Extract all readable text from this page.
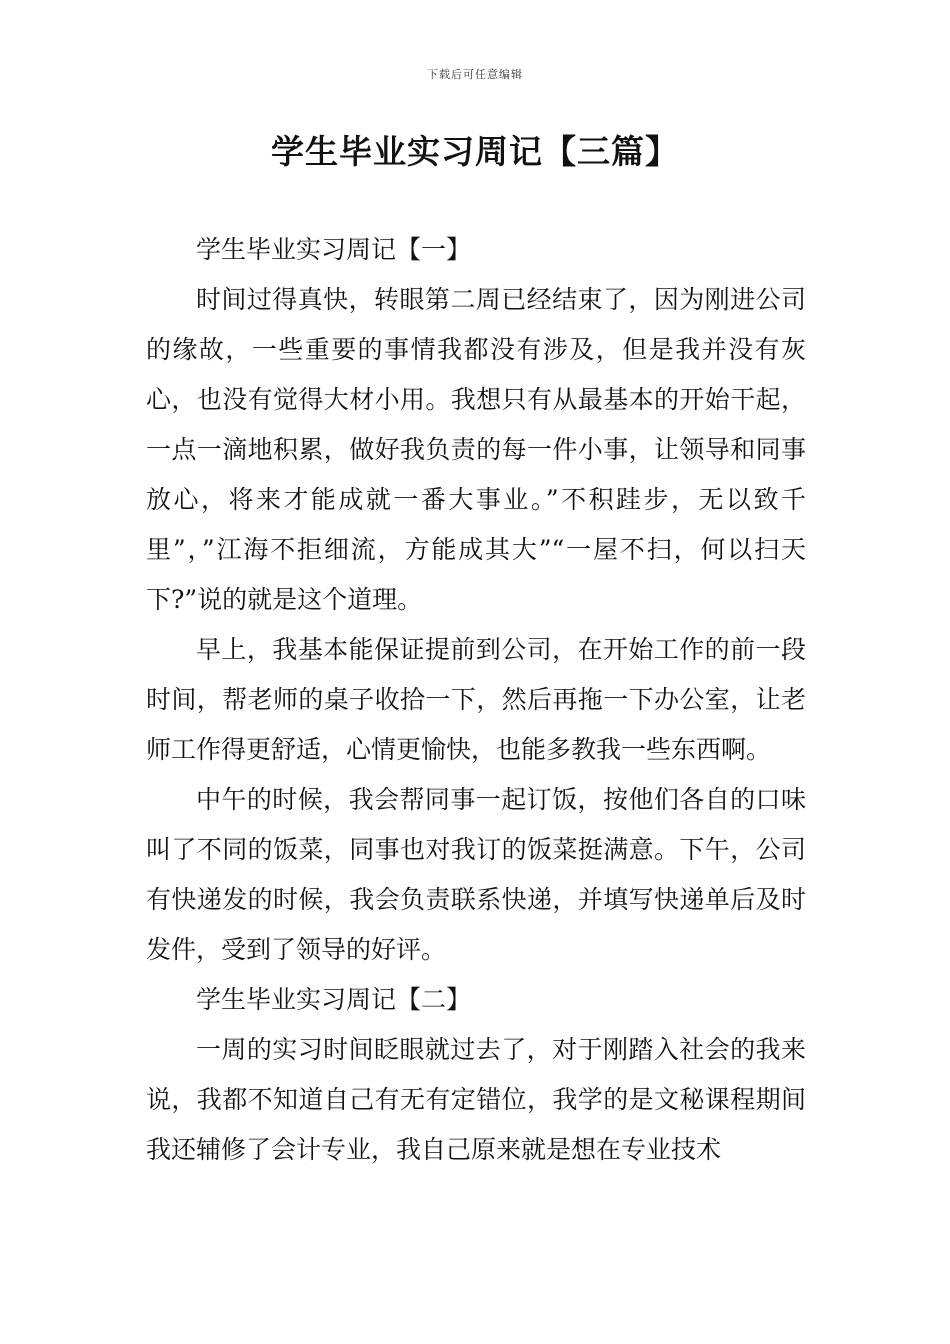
下载后可任意编辑
学生毕业实习周记【三篇】

学生毕业实习周记【一】

时间过得真快，转眼第二周已经结束了，因为刚进公司的缘故，一些重要的事情我都没有涉及，但是我并没有灰心，也没有觉得大材小用。我想只有从最基本的开始干起，一点一滴地积累，做好我负责的每一件小事，让领导和同事放心，将来才能成就一番大事业。”不积跬步，无以致千里”，”江海不拒细流，方能成其大”“一屋不扫，何以扫天下?”说的就是这个道理。

早上，我基本能保证提前到公司，在开始工作的前一段时间，帮老师的桌子收拾一下，然后再拖一下办公室，让老师工作得更舒适，心情更愉快，也能多教我一些东西啊。

中午的时候，我会帮同事一起订饭，按他们各自的口味叫了不同的饭菜，同事也对我订的饭菜挺满意。下午，公司有快递发的时候，我会负责联系快递，并填写快递单后及时发件，受到了领导的好评。

学生毕业实习周记【二】

一周的实习时间眨眼就过去了，对于刚踏入社会的我来说，我都不知道自己有无有定错位，我学的是文秘课程期间我还辅修了会计专业，我自己原来就是想在专业技术
